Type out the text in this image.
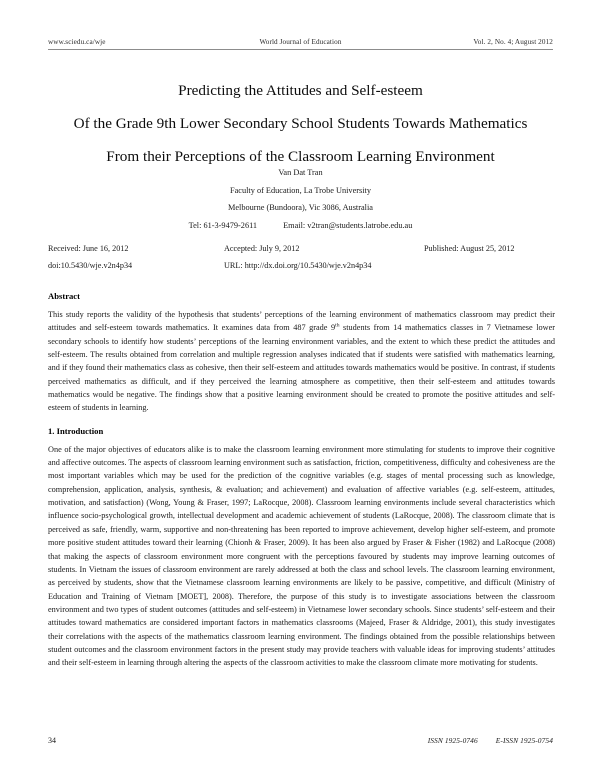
www.sciedu.ca/wje	World Journal of Education	Vol. 2, No. 4; August 2012
Predicting the Attitudes and Self-esteem
Of the Grade 9th Lower Secondary School Students Towards Mathematics
From their Perceptions of the Classroom Learning Environment
Van Dat Tran
Faculty of Education, La Trobe University
Melbourne (Bundoora), Vic 3086, Australia
Tel: 61-3-9479-2611	Email: v2tran@students.latrobe.edu.au
Received: June 16, 2012	Accepted: July 9, 2012	Published: August 25, 2012
doi:10.5430/wje.v2n4p34	URL: http://dx.doi.org/10.5430/wje.v2n4p34
Abstract

This study reports the validity of the hypothesis that students’ perceptions of the learning environment of mathematics classroom may predict their attitudes and self-esteem towards mathematics. It examines data from 487 grade 9th students from 14 mathematics classes in 7 Vietnamese lower secondary schools to identify how students’ perceptions of the learning environment variables, and the extent to which these predict the attitudes and self-esteem. The results obtained from correlation and multiple regression analyses indicated that if students were satisfied with mathematics learning, and if they found their mathematics class as cohesive, then their self-esteem and attitudes towards mathematics would be positive. In contrast, if students perceived mathematics as difficult, and if they perceived the learning atmosphere as competitive, then their self-esteem and attitudes towards mathematics would be negative. The findings show that a positive learning environment should be created to promote the positive attitudes and self-esteem of students in learning.

1. Introduction

One of the major objectives of educators alike is to make the classroom learning environment more stimulating for students to improve their cognitive and affective outcomes. The aspects of classroom learning environment such as satisfaction, friction, competitiveness, difficulty and cohesiveness are the most important variables which may be used for the prediction of the cognitive variables (e.g. stages of mental processing such as knowledge, comprehension, application, analysis, synthesis, & evaluation; and achievement) and evaluation of affective variables (e.g. self-esteem, attitudes, motivation, and satisfaction) (Wong, Young & Fraser, 1997; LaRocque, 2008). Classroom learning environments include several characteristics which influence socio-psychological growth, intellectual development and academic achievement of students (LaRocque, 2008). The classroom climate that is perceived as safe, friendly, warm, supportive and non-threatening has been reported to improve achievement, develop higher self-esteem, and promote more positive student attitudes toward their learning (Chionh & Fraser, 2009). It has been also argued by Fraser & Fisher (1982) and LaRocque (2008) that making the aspects of classroom environment more congruent with the perceptions favoured by students may improve learning outcomes of students. In Vietnam the issues of classroom environment are rarely addressed at both the class and school levels. The classroom learning environment, as perceived by students, show that the Vietnamese classroom learning environments are likely to be passive, competitive, and difficult (Ministry of Education and Training of Vietnam [MOET], 2008). Therefore, the purpose of this study is to investigate associations between the classroom environment and two types of student outcomes (attitudes and self-esteem) in Vietnamese lower secondary schools. Since students’ self-esteem and their attitudes toward mathematics are considered important factors in mathematics classrooms (Majeed, Fraser & Aldridge, 2001), this study investigates their correlations with the aspects of the mathematics classroom learning environment. The findings obtained from the possible relationships between student outcomes and the classroom environment factors in the present study may provide teachers with valuable ideas for improving students’ attitudes and their self-esteem in learning through altering the aspects of the classroom activities to make the classroom climate more motivating for students.

34	ISSN 1925-0746 E-ISSN 1925-0754
